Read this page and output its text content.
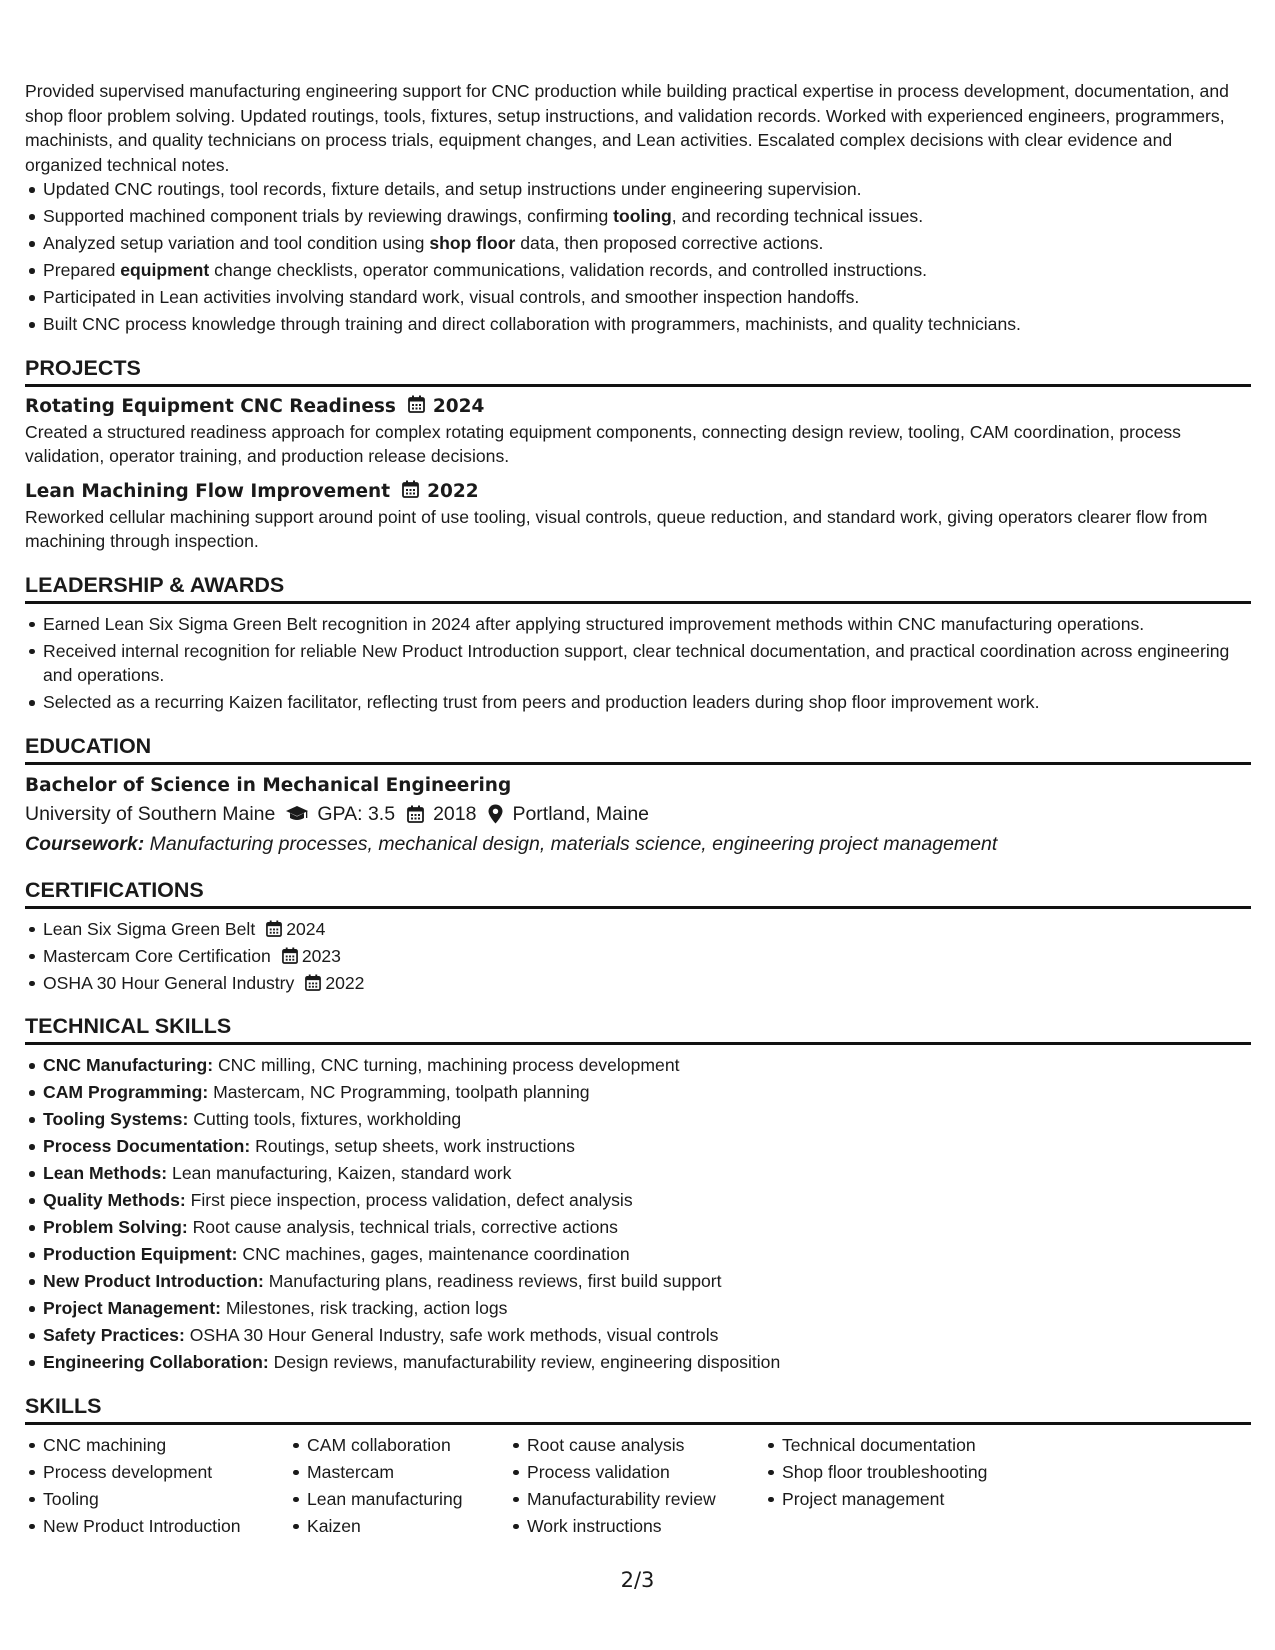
Provided supervised manufacturing engineering support for CNC production while building practical expertise in process development, documentation, and shop floor problem solving. Updated routings, tools, fixtures, setup instructions, and validation records. Worked with experienced engineers, programmers, machinists, and quality technicians on process trials, equipment changes, and Lean activities. Escalated complex decisions with clear evidence and organized technical notes.

Updated CNC routings, tool records, fixture details, and setup instructions under engineering supervision.
Supported machined component trials by reviewing drawings, confirming tooling, and recording technical issues.
Analyzed setup variation and tool condition using shop floor data, then proposed corrective actions.
Prepared equipment change checklists, operator communications, validation records, and controlled instructions.
Participated in Lean activities involving standard work, visual controls, and smoother inspection handoffs.
Built CNC process knowledge through training and direct collaboration with programmers, machinists, and quality technicians.
PROJECTS
Rotating Equipment CNC Readiness 2024
Created a structured readiness approach for complex rotating equipment components, connecting design review, tooling, CAM coordination, process validation, operator training, and production release decisions.
Lean Machining Flow Improvement 2022
Reworked cellular machining support around point of use tooling, visual controls, queue reduction, and standard work, giving operators clearer flow from machining through inspection.
LEADERSHIP & AWARDS
Earned Lean Six Sigma Green Belt recognition in 2024 after applying structured improvement methods within CNC manufacturing operations.
Received internal recognition for reliable New Product Introduction support, clear technical documentation, and practical coordination across engineering and operations.
Selected as a recurring Kaizen facilitator, reflecting trust from peers and production leaders during shop floor improvement work.
EDUCATION
Bachelor of Science in Mechanical Engineering
University of Southern Maine GPA: 3.5 2018 Portland, Maine
Coursework: Manufacturing processes, mechanical design, materials science, engineering project management
CERTIFICATIONS
Lean Six Sigma Green Belt 2024
Mastercam Core Certification 2023
OSHA 30 Hour General Industry 2022
TECHNICAL SKILLS
CNC Manufacturing: CNC milling, CNC turning, machining process development
CAM Programming: Mastercam, NC Programming, toolpath planning
Tooling Systems: Cutting tools, fixtures, workholding
Process Documentation: Routings, setup sheets, work instructions
Lean Methods: Lean manufacturing, Kaizen, standard work
Quality Methods: First piece inspection, process validation, defect analysis
Problem Solving: Root cause analysis, technical trials, corrective actions
Production Equipment: CNC machines, gages, maintenance coordination
New Product Introduction: Manufacturing plans, readiness reviews, first build support
Project Management: Milestones, risk tracking, action logs
Safety Practices: OSHA 30 Hour General Industry, safe work methods, visual controls
Engineering Collaboration: Design reviews, manufacturability review, engineering disposition
SKILLS
CNC machining
Process development
Tooling
New Product Introduction
CAM collaboration
Mastercam
Lean manufacturing
Kaizen
Root cause analysis
Process validation
Manufacturability review
Work instructions
Technical documentation
Shop floor troubleshooting
Project management
2/3
